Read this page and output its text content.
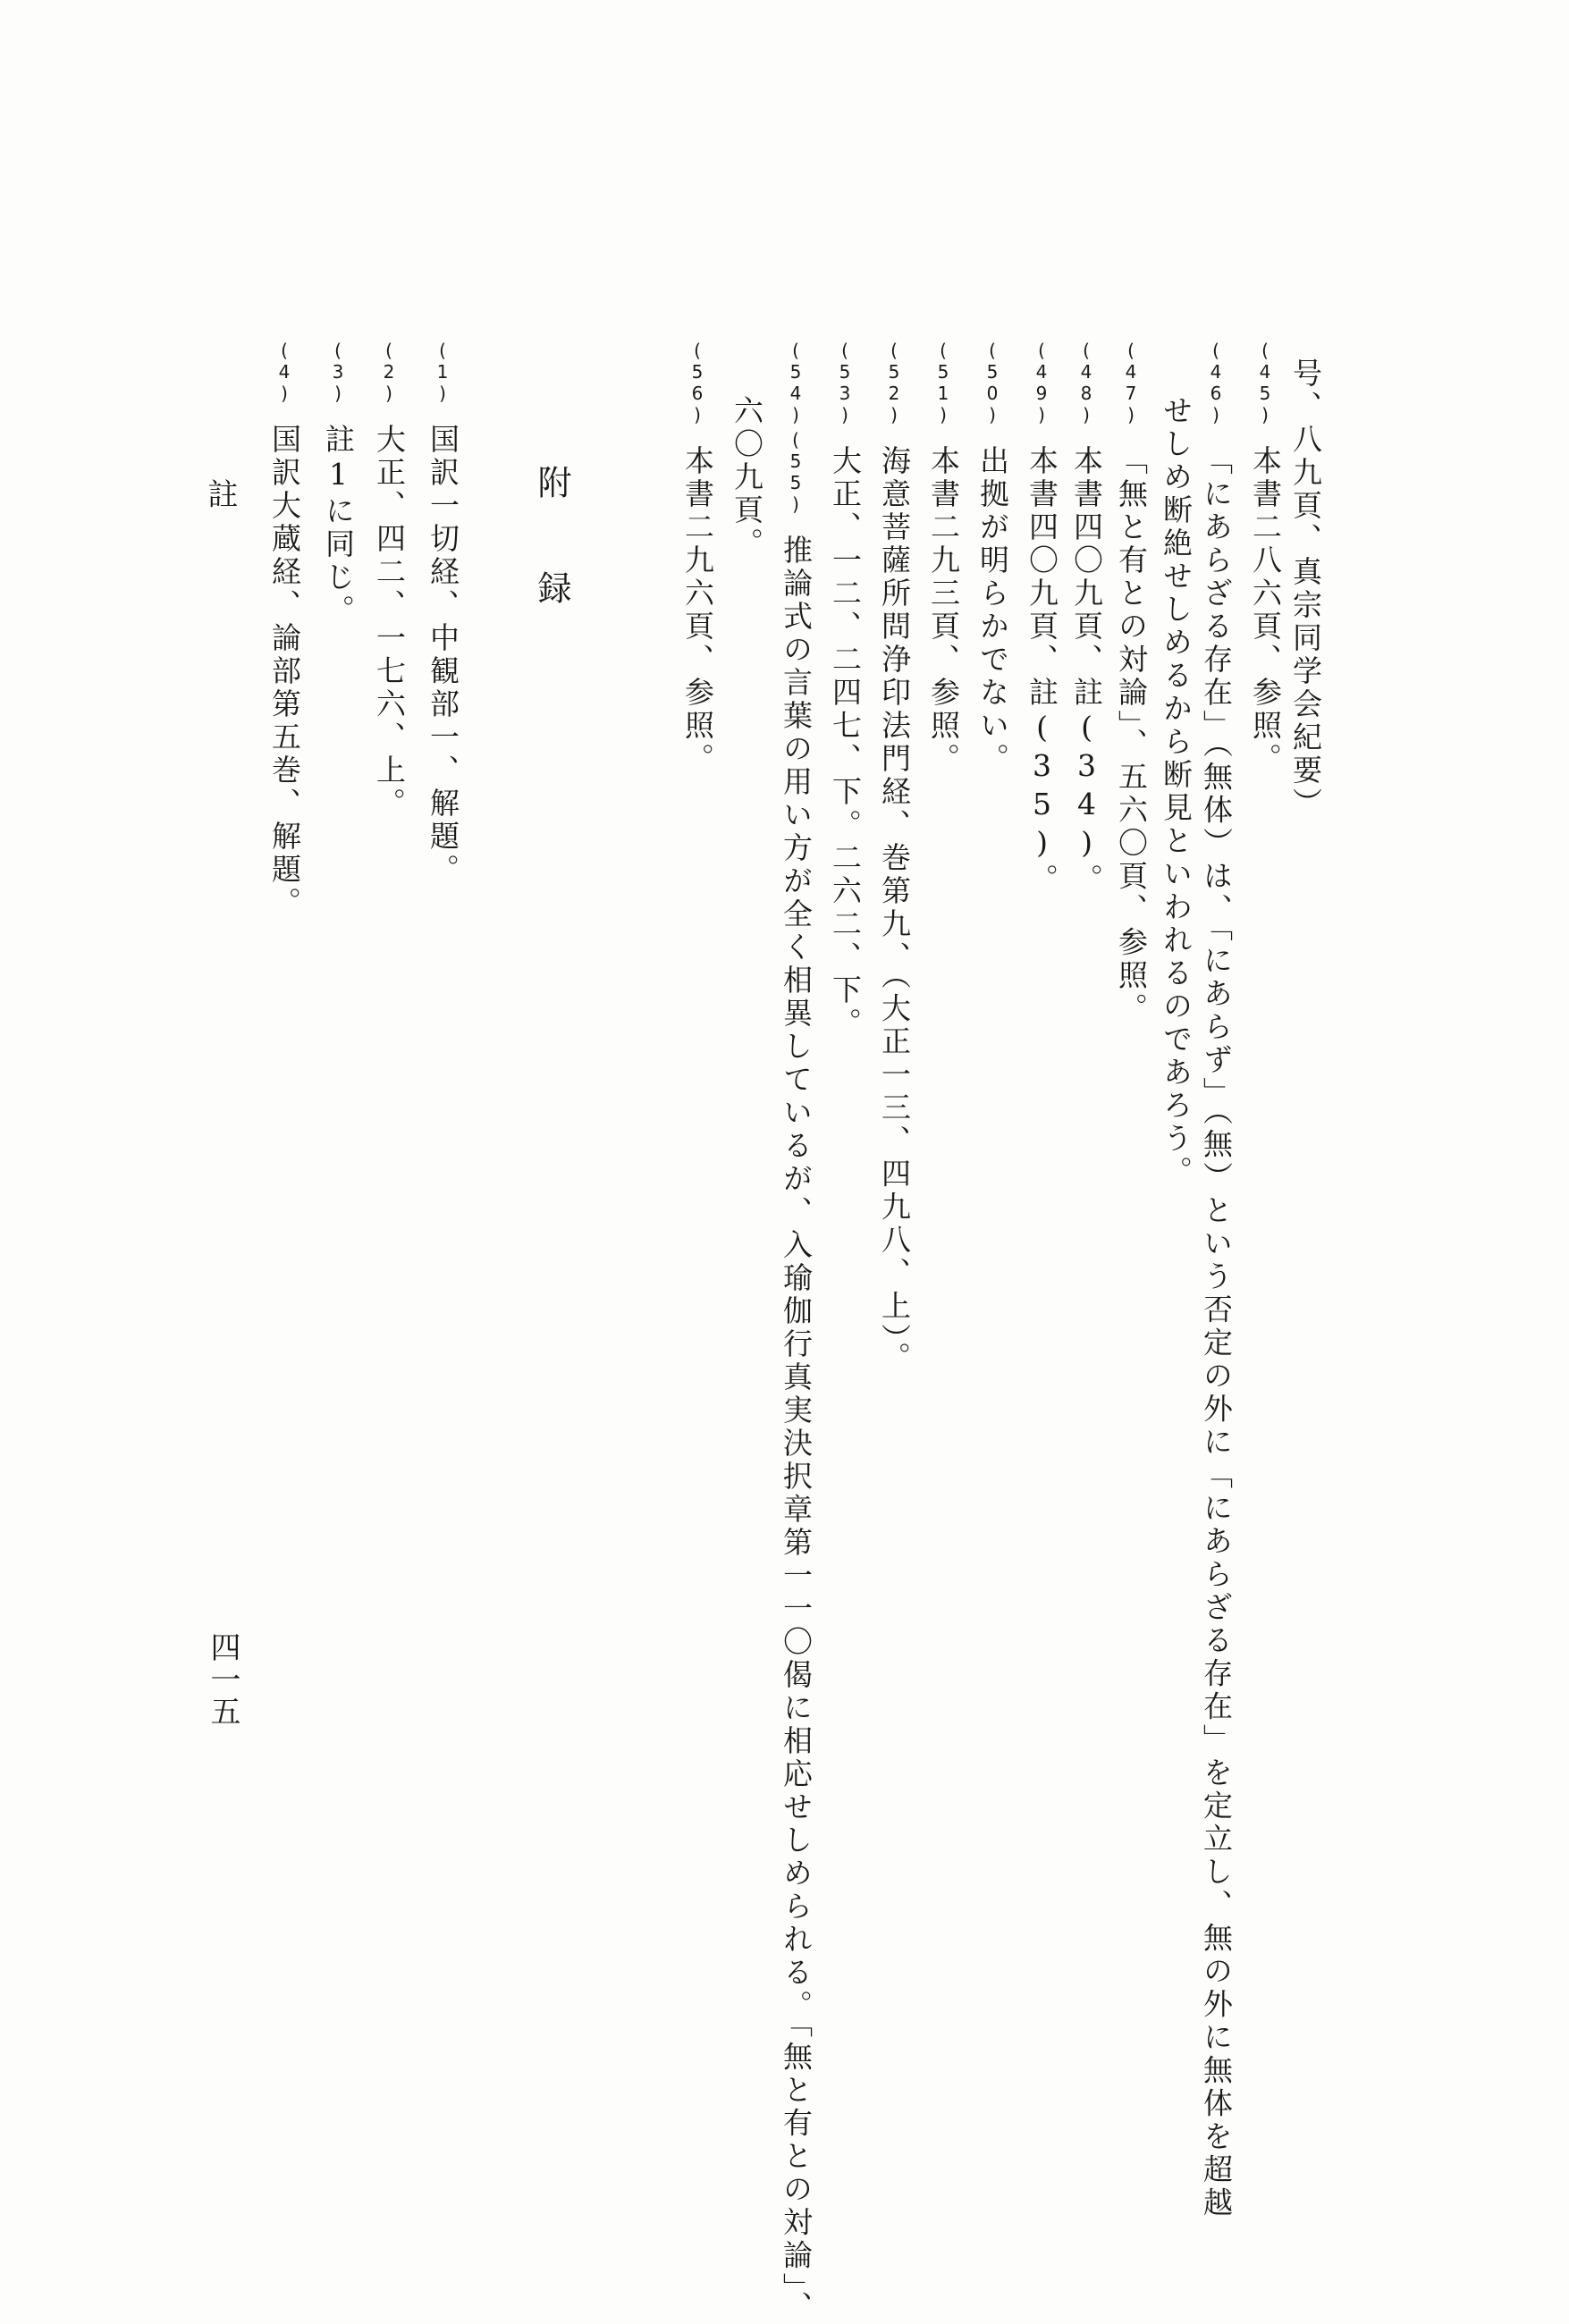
号、八九頁、真宗同学会紀要）
(45)本書二八六頁、参照。
(46)「にあらざる存在」（無体）は、「にあらず」（無）という否定の外に「にあらざる存在」を定立し、無の外に無体を超越
せしめ断絶せしめるから断見といわれるのであろう。
(47)「無と有との対論」、五六〇頁、参照。
(48)本書四〇九頁、註(34)。
(49)本書四〇九頁、註(35)。
(50)出拠が明らかでない。
(51)本書二九三頁、参照。
(52)海意菩薩所問浄印法門経、巻第九、（大正一三、四九八、上）。
(53)大正、一二、二四七、下。二六二、下。
(54)(55)推論式の言葉の用い方が全く相異しているが、入瑜伽行真実決択章第一一〇偈に相応せしめられる。「無と有との対論」、
六〇九頁。
(56)本書二九六頁、参照。
附録
(1)国訳一切経、中観部一、解題。
(2)大正、四二、一七六、上。
(3)註1に同じ。
(4)国訳大蔵経、論部第五巻、解題。
註
四一五
